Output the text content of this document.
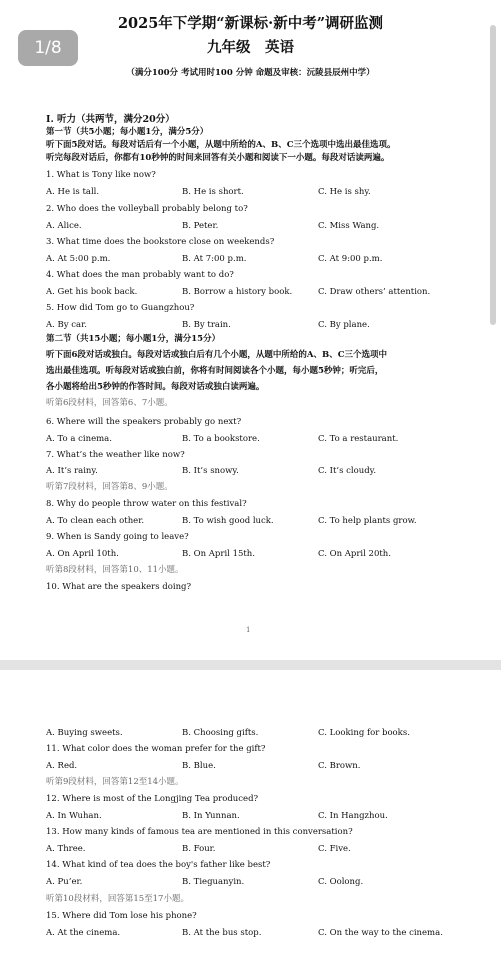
2025年下学期“新课标·新中考”调研监测
九年级　英语
（满分100分 考试用时100 分钟 命题及审核：沅陵县辰州中学）
I. 听力（共两节，满分20分）
第一节（共5小题；每小题1分，满分5分）
听下面5段对话。每段对话后有一个小题，从题中所给的A、B、C三个选项中选出最佳选项。
听完每段对话后，你都有10秒钟的时间来回答有关小题和阅读下一小题。每段对话读两遍。
1. What is Tony like now?
A. He is tall.	B. He is short.	C. He is shy.
2. Who does the volleyball probably belong to?
A. Alice.	B. Peter.	C. Miss Wang.
3. What time does the bookstore close on weekends?
A. At 5:00 p.m.	B. At 7:00 p.m.	C. At 9:00 p.m.
4. What does the man probably want to do?
A. Get his book back.	B. Borrow a history book.	C. Draw others’ attention.
5. How did Tom go to Guangzhou?
A. By car.	B. By train.	C. By plane.
第二节（共15小题；每小题1分，满分15分）
听下面6段对话或独白。每段对话或独白后有几个小题，从题中所给的A、B、C三个选项中
选出最佳选项。听每段对话或独白前，你将有时间阅读各个小题，每小题5秒钟；听完后，
各小题将给出5秒钟的作答时间。每段对话或独白读两遍。
听第6段材料，回答第6、7小题。
6. Where will the speakers probably go next?
A. To a cinema.	B. To a bookstore.	C. To a restaurant.
7. What’s the weather like now?
A. It’s rainy.	B. It’s snowy.	C. It’s cloudy.
听第7段材料，回答第8、9小题。
8. Why do people throw water on this festival?
A. To clean each other.	B. To wish good luck.	C. To help plants grow.
9. When is Sandy going to leave?
A. On April 10th.	B. On April 15th.	C. On April 20th.
听第8段材料，回答第10、11小题。
10. What are the speakers doing?
1
A. Buying sweets.	B. Choosing gifts.	C. Looking for books.
11. What color does the woman prefer for the gift?
A. Red.	B. Blue.	C. Brown.
听第9段材料，回答第12至14小题。
12. Where is most of the Longjing Tea produced?
A. In Wuhan.	B. In Yunnan.	C. In Hangzhou.
13. How many kinds of famous tea are mentioned in this conversation?
A. Three.	B. Four.	C. Five.
14. What kind of tea does the boy's father like best?
A. Pu’er.	B. Tieguanyin.	C. Oolong.
听第10段材料，回答第15至17小题。
15. Where did Tom lose his phone?
A. At the cinema.	B. At the bus stop.	C. On the way to the cinema.
1/8
